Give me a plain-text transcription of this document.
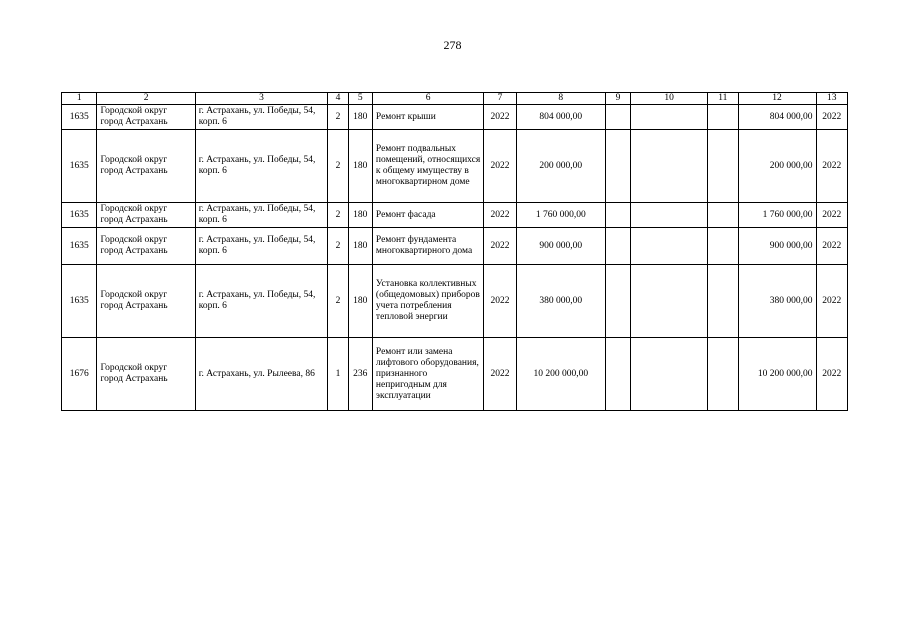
278
1	2	3	4	5	6	7	8	9	10	11	12	13
1635	Городской округ город Астрахань	г. Астрахань, ул. Победы, 54, корп. 6	2	180	Ремонт крыши	2022	804 000,00				804 000,00	2022
1635	Городской округ город Астрахань	г. Астрахань, ул. Победы, 54, корп. 6	2	180	Ремонт подвальных помещений, относящихся к общему имуществу в многоквартирном доме	2022	200 000,00				200 000,00	2022
1635	Городской округ город Астрахань	г. Астрахань, ул. Победы, 54, корп. 6	2	180	Ремонт фасада	2022	1 760 000,00				1 760 000,00	2022
1635	Городской округ город Астрахань	г. Астрахань, ул. Победы, 54, корп. 6	2	180	Ремонт фундамента многоквартирного дома	2022	900 000,00				900 000,00	2022
1635	Городской округ город Астрахань	г. Астрахань, ул. Победы, 54, корп. 6	2	180	Установка коллективных (общедомовых) приборов учета потребления тепловой энергии	2022	380 000,00				380 000,00	2022
1676	Городской округ город Астрахань	г. Астрахань, ул. Рылеева, 86	1	236	Ремонт или замена лифтового оборудования, признанного непригодным для эксплуатации	2022	10 200 000,00				10 200 000,00	2022
